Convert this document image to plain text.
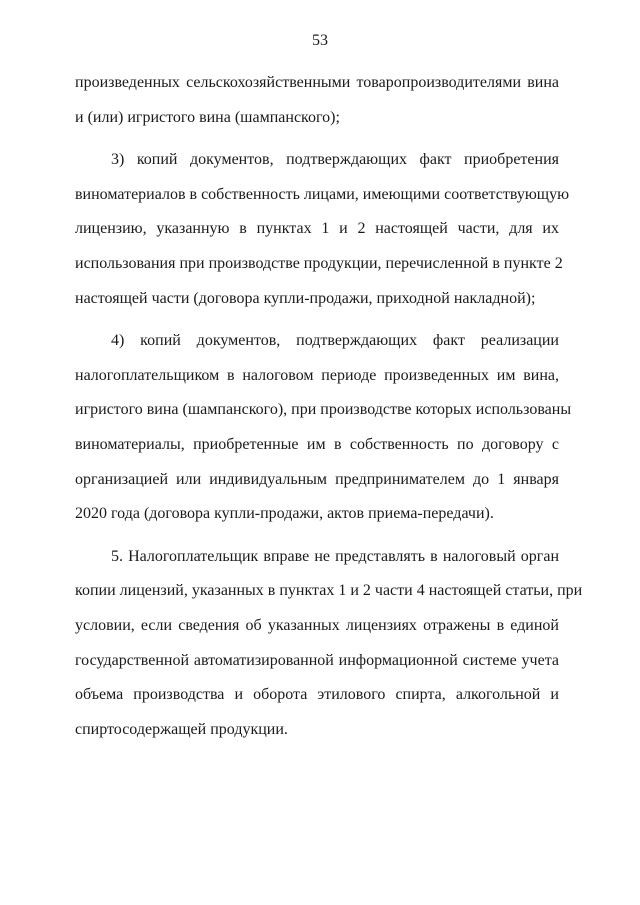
53

произведенных сельскохозяйственными товаропроизводителями вина
и (или) игристого вина (шампанского);

3) копий документов, подтверждающих факт приобретения
виноматериалов в собственность лицами, имеющими соответствующую
лицензию, указанную в пунктах 1 и 2 настоящей части, для их
использования при производстве продукции, перечисленной в пункте 2
настоящей части (договора купли-продажи, приходной накладной);

4) копий документов, подтверждающих факт реализации
налогоплательщиком в налоговом периоде произведенных им вина,
игристого вина (шампанского), при производстве которых использованы
виноматериалы, приобретенные им в собственность по договору с
организацией или индивидуальным предпринимателем до 1 января
2020 года (договора купли-продажи, актов приема-передачи).

5. Налогоплательщик вправе не представлять в налоговый орган
копии лицензий, указанных в пунктах 1 и 2 части 4 настоящей статьи, при
условии, если сведения об указанных лицензиях отражены в единой
государственной автоматизированной информационной системе учета
объема производства и оборота этилового спирта, алкогольной и
спиртосодержащей продукции.
